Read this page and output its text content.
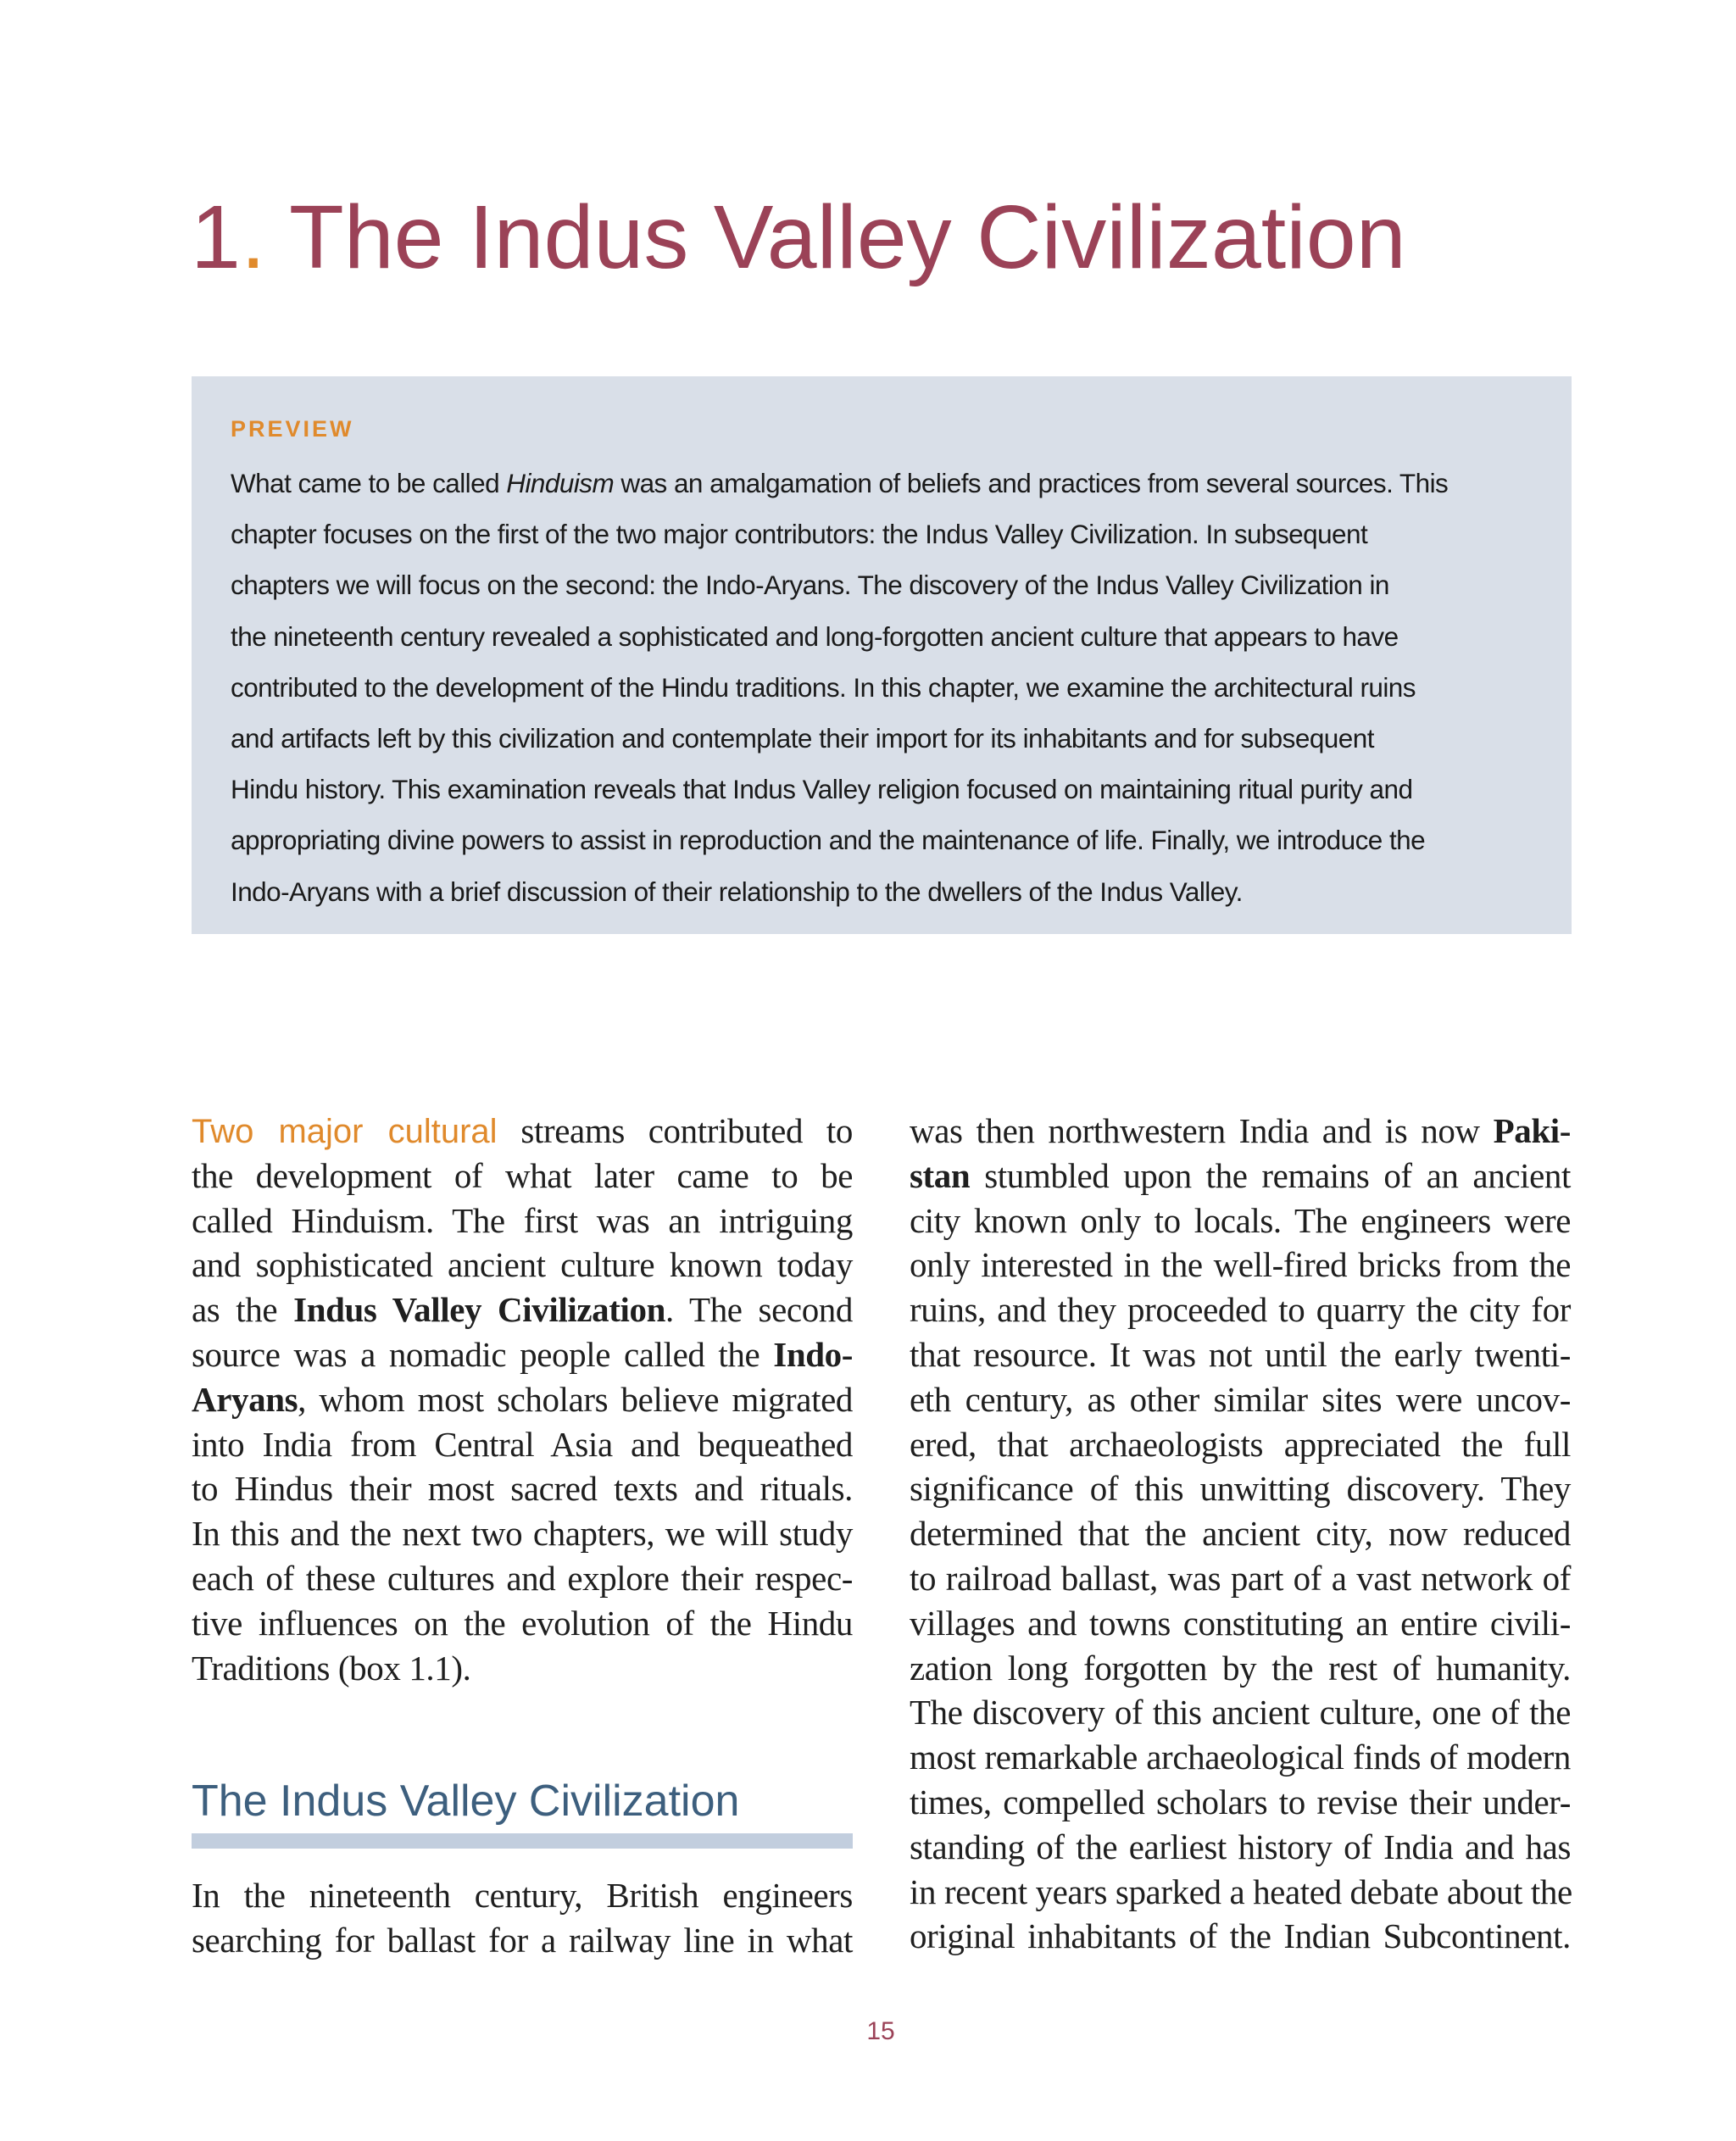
1. The Indus Valley Civilization
PREVIEW

What came to be called Hinduism was an amalgamation of beliefs and practices from several sources. This
chapter focuses on the first of the two major contributors: the Indus Valley Civilization. In subsequent
chapters we will focus on the second: the Indo-Aryans. The discovery of the Indus Valley Civilization in
the nineteenth century revealed a sophisticated and long-forgotten ancient culture that appears to have
contributed to the development of the Hindu traditions. In this chapter, we examine the architectural ruins
and artifacts left by this civilization and contemplate their import for its inhabitants and for subsequent
Hindu history. This examination reveals that Indus Valley religion focused on maintaining ritual purity and
appropriating divine powers to assist in reproduction and the maintenance of life. Finally, we introduce the
Indo-Aryans with a brief discussion of their relationship to the dwellers of the Indus Valley.

Two major cultural streams contributed to
the development of what later came to be
called Hinduism. The first was an intriguing
and sophisticated ancient culture known today
as the Indus Valley Civilization. The second
source was a nomadic people called the Indo-
Aryans, whom most scholars believe migrated
into India from Central Asia and bequeathed
to Hindus their most sacred texts and rituals.
In this and the next two chapters, we will study
each of these cultures and explore their respec-
tive influences on the evolution of the Hindu
Traditions (box 1.1).
The Indus Valley Civilization
In the nineteenth century, British engineers
searching for ballast for a railway line in what
was then northwestern India and is now Paki-
stan stumbled upon the remains of an ancient
city known only to locals. The engineers were
only interested in the well-fired bricks from the
ruins, and they proceeded to quarry the city for
that resource. It was not until the early twenti-
eth century, as other similar sites were uncov-
ered, that archaeologists appreciated the full
significance of this unwitting discovery. They
determined that the ancient city, now reduced
to railroad ballast, was part of a vast network of
villages and towns constituting an entire civili-
zation long forgotten by the rest of humanity.
The discovery of this ancient culture, one of the
most remarkable archaeological finds of modern
times, compelled scholars to revise their under-
standing of the earliest history of India and has
in recent years sparked a heated debate about the
original inhabitants of the Indian Subcontinent.
15
